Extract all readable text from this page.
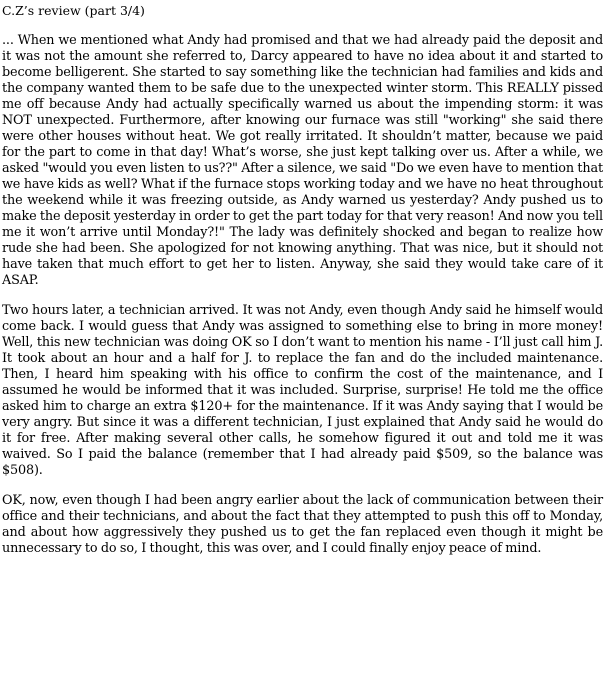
C.Z’s review (part 3/4)

... When we mentioned what Andy had promised and that we had already paid the deposit and it was not the amount she referred to, Darcy appeared to have no idea about it and started to become belligerent. She started to say something like the technician had families and kids and the company wanted them to be safe due to the unexpected winter storm. This REALLY pissed me off because Andy had actually specifically warned us about the impending storm: it was NOT unexpected. Furthermore, after knowing our furnace was still "working" she said there were other houses without heat. We got really irritated. It shouldn’t matter, because we paid for the part to come in that day! What’s worse, she just kept talking over us. After a while, we asked "would you even listen to us??" After a silence, we said "Do we even have to mention that we have kids as well? What if the furnace stops working today and we have no heat throughout the weekend while it was freezing outside, as Andy warned us yesterday? Andy pushed us to make the deposit yesterday in order to get the part today for that very reason! And now you tell me it won’t arrive until Monday?!" The lady was definitely shocked and began to realize how rude she had been. She apologized for not knowing anything. That was nice, but it should not have taken that much effort to get her to listen. Anyway, she said they would take care of it ASAP.

Two hours later, a technician arrived. It was not Andy, even though Andy said he himself would come back. I would guess that Andy was assigned to something else to bring in more money! Well, this new technician was doing OK so I don’t want to mention his name - I’ll just call him J. It took about an hour and a half for J. to replace the fan and do the included maintenance. Then, I heard him speaking with his office to confirm the cost of the maintenance, and I assumed he would be informed that it was included. Surprise, surprise! He told me the office asked him to charge an extra $120+ for the maintenance. If it was Andy saying that I would be very angry. But since it was a different technician, I just explained that Andy said he would do it for free. After making several other calls, he somehow figured it out and told me it was waived. So I paid the balance (remember that I had already paid $509, so the balance was $508).

OK, now, even though I had been angry earlier about the lack of communication between their office and their technicians, and about the fact that they attempted to push this off to Monday, and about how aggressively they pushed us to get the fan replaced even though it might be unnecessary to do so, I thought, this was over, and I could finally enjoy peace of mind.
